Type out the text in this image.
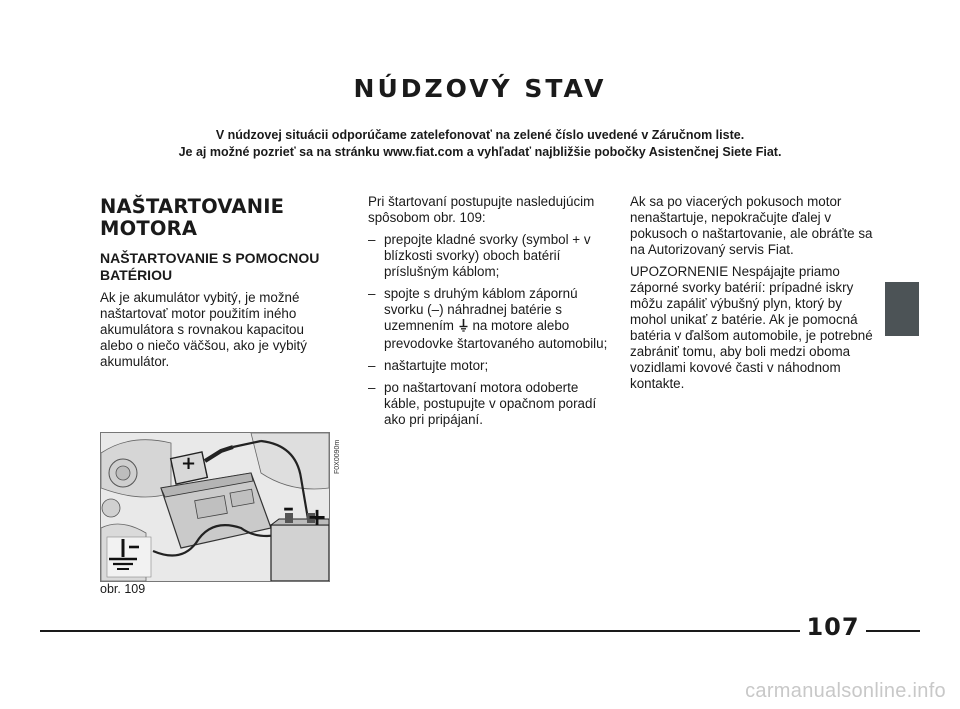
NÚDZOVÝ STAV
V núdzovej situácii odporúčame zatelefonovať na zelené číslo uvedené v Záručnom liste.
Je aj možné pozrieť sa na stránku www.fiat.com a vyhľadať najbližšie pobočky Asistenčnej Siete Fiat.
NAŠTARTOVANIE MOTORA
NAŠTARTOVANIE S POMOCNOU BATÉRIOU
Ak je akumulátor vybitý, je možné naštartovať motor použitím iného akumulátora s rovnakou kapacitou alebo o niečo väčšou, ako je vybitý akumulátor.
Pri štartovaní postupujte nasledujúcim spôsobom obr. 109:
– prepojte kladné svorky (symbol + v blízkosti svorky) oboch batérií príslušným káblom;
– spojte s druhým káblom zápornú svorku (–) náhradnej batérie s uzemnením na motore alebo prevodovke štartovaného automobilu;
– naštartujte motor;
– po naštartovaní motora odoberte káble, postupujte v opačnom poradí ako pri pripájaní.
Ak sa po viacerých pokusoch motor nenaštartuje, nepokračujte ďalej v pokusoch o naštartovanie, ale obráťte sa na Autorizovaný servis Fiat.
UPOZORNENIE Nespájajte priamo záporné svorky batérií: prípadné iskry môžu zapáliť výbušný plyn, ktorý by mohol unikať z batérie. Ak je pomocná batéria v ďalšom automobile, je potrebné zabrániť tomu, aby boli medzi oboma vozidlami kovové časti v náhodnom kontakte.
+
– +
F0X0090m
obr. 109
107
carmanualsonline.info
